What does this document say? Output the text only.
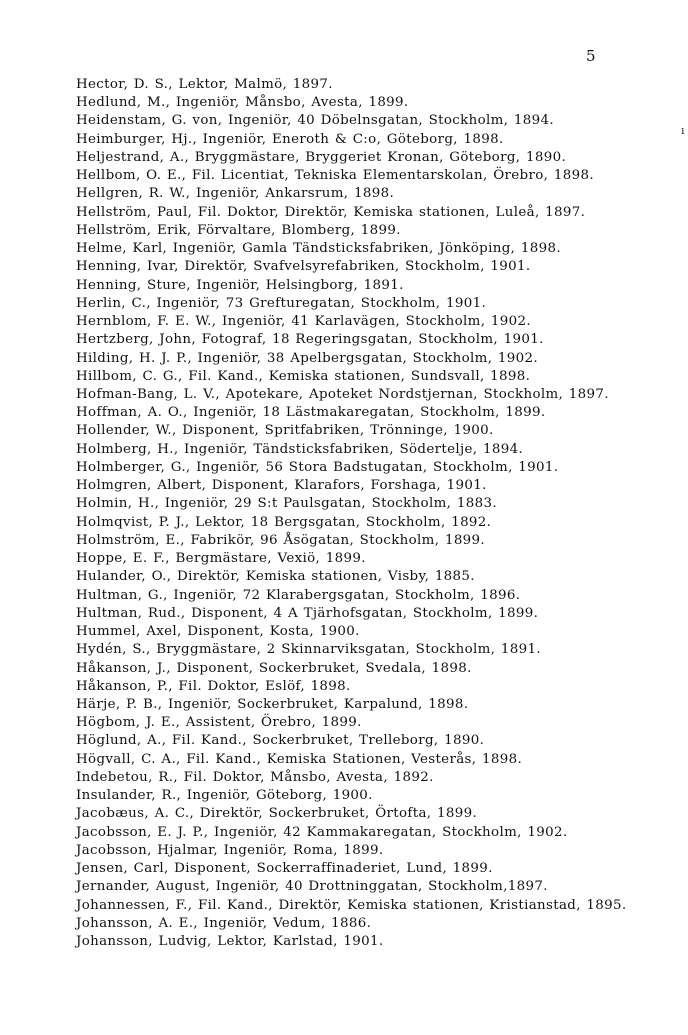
5
ı
Hector, D. S., Lektor, Malmö, 1897.
Hedlund, M., Ingeniör, Månsbo, Avesta, 1899.
Heidenstam, G. von, Ingeniör, 40 Döbelnsgatan, Stockholm, 1894.
Heimburger, Hj., Ingeniör, Eneroth & C:o, Göteborg, 1898.
Heljestrand, A., Bryggmästare, Bryggeriet Kronan, Göteborg, 1890.
Hellbom, O. E., Fil. Licentiat, Tekniska Elementarskolan, Örebro, 1898.
Hellgren, R. W., Ingeniör, Ankarsrum, 1898.
Hellström, Paul, Fil. Doktor, Direktör, Kemiska stationen, Luleå, 1897.
Hellström, Erik, Förvaltare, Blomberg, 1899.
Helme, Karl, Ingeniör, Gamla Tändsticksfabriken, Jönköping, 1898.
Henning, Ivar, Direktör, Svafvelsyrefabriken, Stockholm, 1901.
Henning, Sture, Ingeniör, Helsingborg, 1891.
Herlin, C., Ingeniör, 73 Grefturegatan, Stockholm, 1901.
Hernblom, F. E. W., Ingeniör, 41 Karlavägen, Stockholm, 1902.
Hertzberg, John, Fotograf, 18 Regeringsgatan, Stockholm, 1901.
Hilding, H. J. P., Ingeniör, 38 Apelbergsgatan, Stockholm, 1902.
Hillbom, C. G., Fil. Kand., Kemiska stationen, Sundsvall, 1898.
Hofman-Bang, L. V., Apotekare, Apoteket Nordstjernan, Stockholm, 1897.
Hoffman, A. O., Ingeniör, 18 Lästmakaregatan, Stockholm, 1899.
Hollender, W., Disponent, Spritfabriken, Trönninge, 1900.
Holmberg, H., Ingeniör, Tändsticksfabriken, Södertelje, 1894.
Holmberger, G., Ingeniör, 56 Stora Badstugatan, Stockholm, 1901.
Holmgren, Albert, Disponent, Klarafors, Forshaga, 1901.
Holmin, H., Ingeniör, 29 S:t Paulsgatan, Stockholm, 1883.
Holmqvist, P. J., Lektor, 18 Bergsgatan, Stockholm, 1892.
Holmström, E., Fabrikör, 96 Åsögatan, Stockholm, 1899.
Hoppe, E. F., Bergmästare, Vexiö, 1899.
Hulander, O., Direktör, Kemiska stationen, Visby, 1885.
Hultman, G., Ingeniör, 72 Klarabergsgatan, Stockholm, 1896.
Hultman, Rud., Disponent, 4 A Tjärhofsgatan, Stockholm, 1899.
Hummel, Axel, Disponent, Kosta, 1900.
Hydén, S., Bryggmästare, 2 Skinnarviksgatan, Stockholm, 1891.
Håkanson, J., Disponent, Sockerbruket, Svedala, 1898.
Håkanson, P., Fil. Doktor, Eslöf, 1898.
Härje, P. B., Ingeniör, Sockerbruket, Karpalund, 1898.
Högbom, J. E., Assistent, Örebro, 1899.
Höglund, A., Fil. Kand., Sockerbruket, Trelleborg, 1890.
Högvall, C. A., Fil. Kand., Kemiska Stationen, Vesterås, 1898.
Indebetou, R., Fil. Doktor, Månsbo, Avesta, 1892.
Insulander, R., Ingeniör, Göteborg, 1900.
Jacobæus, A. C., Direktör, Sockerbruket, Örtofta, 1899.
Jacobsson, E. J. P., Ingeniör, 42 Kammakaregatan, Stockholm, 1902.
Jacobsson, Hjalmar, Ingeniör, Roma, 1899.
Jensen, Carl, Disponent, Sockerraffinaderiet, Lund, 1899.
Jernander, August, Ingeniör, 40 Drottninggatan, Stockholm,1897.
Johannessen, F., Fil. Kand., Direktör, Kemiska stationen, Kristianstad, 1895.
Johansson, A. E., Ingeniör, Vedum, 1886.
Johansson, Ludvig, Lektor, Karlstad, 1901.
